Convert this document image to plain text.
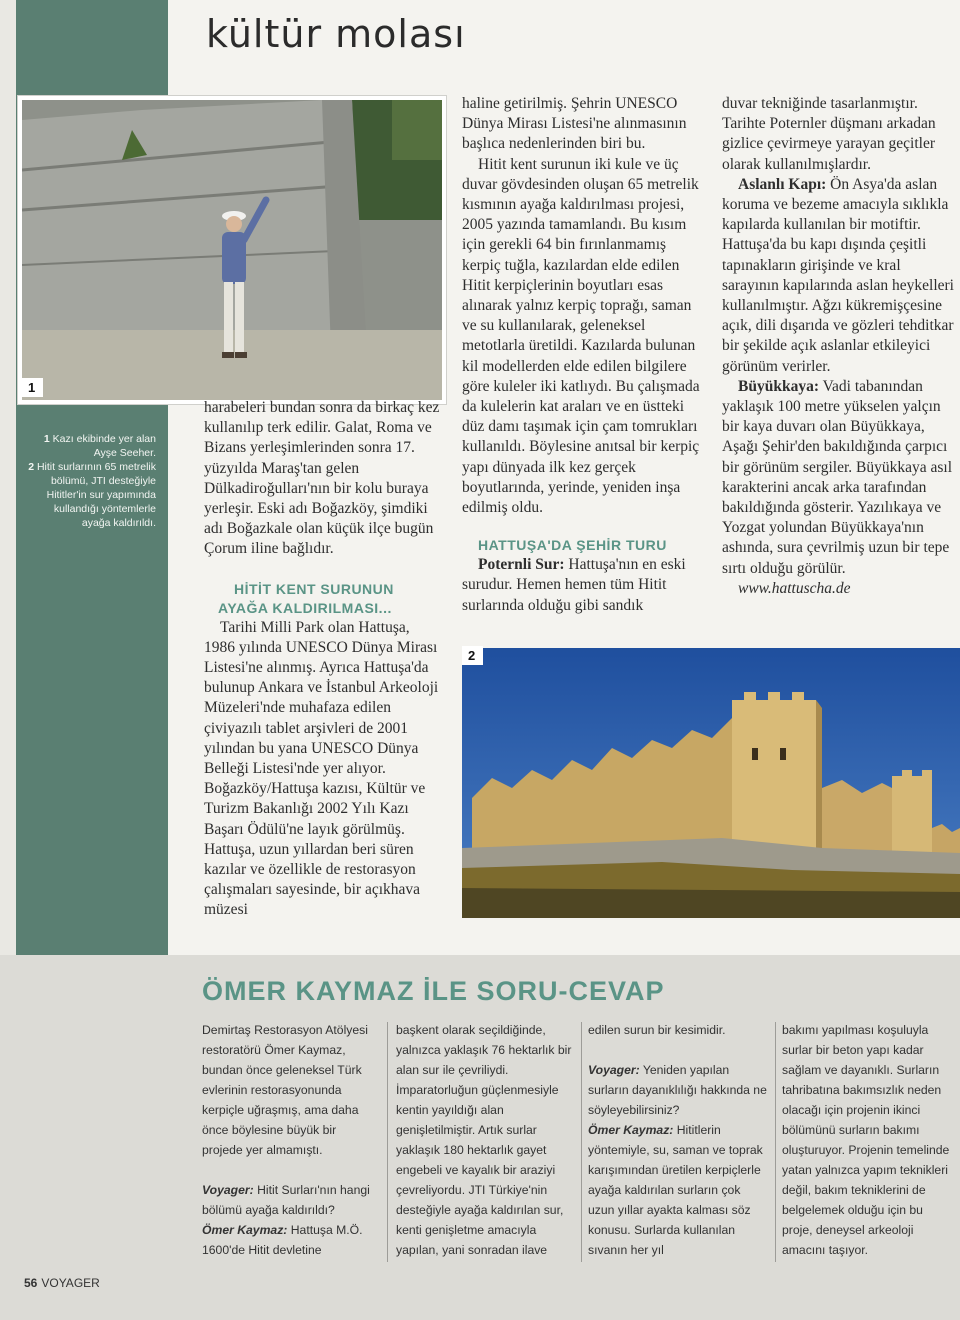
kültür molası
1
1 Kazı ekibinde yer alan Ayşe Seeher.
2 Hitit surlarının 65 metrelik bölümü, JTI desteğiyle Hititler'in sur yapımında kullandığı yöntemlerle ayağa kaldırıldı.

harabeleri bundan sonra da birkaç kez kullanılıp terk edilir. Galat, Roma ve Bizans yerleşimlerinden sonra 17. yüzyılda Maraş'tan gelen Dülkadiroğulları'nın bir kolu buraya yerleşir. Eski adı Boğazköy, şimdiki adı Boğazkale olan küçük ilçe bugün Çorum iline bağlıdır.

HİTİT KENT SURUNUN AYAĞA KALDIRILMASI...

Tarihi Milli Park olan Hattuşa, 1986 yılında UNESCO Dünya Mirası Listesi'ne alınmış. Ayrıca Hattuşa'da bulunup Ankara ve İstanbul Arkeoloji Müzeleri'nde muhafaza edilen çiviyazılı tablet arşivleri de 2001 yılından bu yana UNESCO Dünya Belleği Listesi'nde yer alıyor. Boğazköy/Hattuşa kazısı, Kültür ve Turizm Bakanlığı 2002 Yılı Kazı Başarı Ödülü'ne layık görülmüş. Hattuşa, uzun yıllardan beri süren kazılar ve özellikle de restorasyon çalışmaları sayesinde, bir açıkhava müzesi

haline getirilmiş. Şehrin UNESCO Dünya Mirası Listesi'ne alınmasının başlıca nedenlerinden biri bu.

Hitit kent surunun iki kule ve üç duvar gövdesinden oluşan 65 metrelik kısmının ayağa kaldırılması projesi, 2005 yazında tamamlandı. Bu kısım için gerekli 64 bin fırınlanmamış kerpiç tuğla, kazılardan elde edilen Hitit kerpiçlerinin boyutları esas alınarak yalnız kerpiç toprağı, saman ve su kullanılarak, geleneksel metotlarla üretildi. Kazılarda bulunan kil modellerden elde edilen bilgilere göre kuleler iki katlıydı. Bu çalışmada da kulelerin kat araları ve en üstteki düz damı taşımak için çam tomrukları kullanıldı. Böylesine anıtsal bir kerpiç yapı dünyada ilk kez gerçek boyutlarında, yerinde, yeniden inşa edilmiş oldu.

HATTUŞA'DA ŞEHİR TURU

Poternli Sur: Hattuşa'nın en eski surudur. Hemen hemen tüm Hitit surlarında olduğu gibi sandık

duvar tekniğinde tasarlanmıştır. Tarihte Poternler düşmanı arkadan gizlice çevirmeye yarayan geçitler olarak kullanılmışlardır.

Aslanlı Kapı: Ön Asya'da aslan koruma ve bezeme amacıyla sıklıkla kapılarda kullanılan bir motiftir. Hattuşa'da bu kapı dışında çeşitli tapınakların girişinde ve kral sarayının kapılarında aslan heykelleri kullanılmıştır. Ağzı kükremişçesine açık, dili dışarıda ve gözleri tehditkar bir şekilde açık aslanlar etkileyici görünüm verirler.

Büyükkaya: Vadi tabanından yaklaşık 100 metre yükselen yalçın bir kaya duvarı olan Büyükkaya, Aşağı Şehir'den bakıldığında çarpıcı bir görünüm sergiler. Büyükkaya asıl karakterini ancak arka tarafından bakıldığında gösterir. Yazılıkaya ve Yozgat yolundan Büyükkaya'nın ashında, sura çevrilmiş uzun bir tepe sırtı olduğu görülür.

www.hattuscha.de

2
ÖMER KAYMAZ İLE SORU-CEVAP

Demirtaş Restorasyon Atölyesi restoratörü Ömer Kaymaz, bundan önce geleneksel Türk evlerinin restorasyonunda kerpiçle uğraşmış, ama daha önce böylesine büyük bir projede yer almamıştı.

Voyager: Hitit Surları'nın hangi bölümü ayağa kaldırıldı?

Ömer Kaymaz: Hattuşa M.Ö. 1600'de Hitit devletine

başkent olarak seçildiğinde, yalnızca yaklaşık 76 hektarlık bir alan sur ile çevriliydi. İmparatorluğun güçlenmesiyle kentin yayıldığı alan genişletilmiştir. Artık surlar yaklaşık 180 hektarlık gayet engebeli ve kayalık bir araziyi çevreliyordu. JTI Türkiye'nin desteğiyle ayağa kaldırılan sur, kenti genişletme amacıyla yapılan, yani sonradan ilave

edilen surun bir kesimidir.

Voyager: Yeniden yapılan surların dayanıklılığı hakkında ne söyleyebilirsiniz?

Ömer Kaymaz: Hititlerin yöntemiyle, su, saman ve toprak karışımından üretilen kerpiçlerle ayağa kaldırılan surların çok uzun yıllar ayakta kalması söz konusu. Surlarda kullanılan sıvanın her yıl

bakımı yapılması koşuluyla surlar bir beton yapı kadar sağlam ve dayanıklı. Surların tahribatına bakımsızlık neden olacağı için projenin ikinci bölümünü surların bakımı oluşturuyor. Projenin temelinde yatan yalnızca yapım teknikleri değil, bakım tekniklerini de belgelemek olduğu için bu proje, deneysel arkeoloji amacını taşıyor.

56 VOYAGER
